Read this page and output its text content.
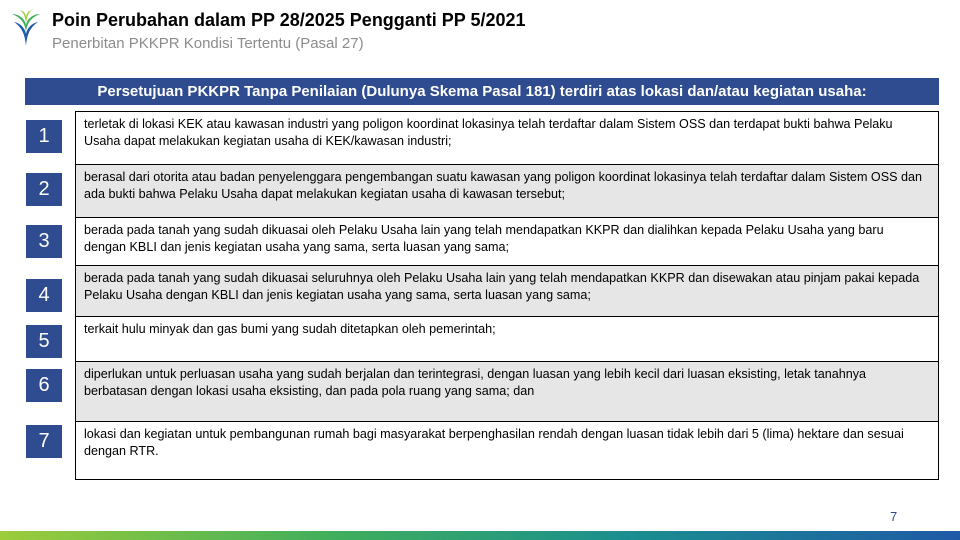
Poin Perubahan dalam PP 28/2025 Pengganti PP 5/2021
Penerbitan PKKPR Kondisi Tertentu (Pasal 27)
Persetujuan PKKPR Tanpa Penilaian (Dulunya Skema Pasal 181) terdiri atas lokasi dan/atau kegiatan usaha:
1
2
3
4
5
6
7
terletak di lokasi KEK atau kawasan industri yang poligon koordinat lokasinya telah terdaftar dalam Sistem OSS dan terdapat bukti bahwa Pelaku Usaha dapat melakukan kegiatan usaha di KEK/kawasan industri;
berasal dari otorita atau badan penyelenggara pengembangan suatu kawasan yang poligon koordinat lokasinya telah terdaftar dalam Sistem OSS dan ada bukti bahwa Pelaku Usaha dapat melakukan kegiatan usaha di kawasan tersebut;
berada pada tanah yang sudah dikuasai oleh Pelaku Usaha lain yang telah mendapatkan KKPR dan dialihkan kepada Pelaku Usaha yang baru dengan KBLI dan jenis kegiatan usaha yang sama, serta luasan yang sama;
berada pada tanah yang sudah dikuasai seluruhnya oleh Pelaku Usaha lain yang telah mendapatkan KKPR dan disewakan atau pinjam pakai kepada Pelaku Usaha dengan KBLI dan jenis kegiatan usaha yang sama, serta luasan yang sama;
terkait hulu minyak dan gas bumi yang sudah ditetapkan oleh pemerintah;
diperlukan untuk perluasan usaha yang sudah berjalan dan terintegrasi, dengan luasan yang lebih kecil dari luasan eksisting, letak tanahnya berbatasan dengan lokasi usaha eksisting, dan pada pola ruang yang sama; dan
lokasi dan kegiatan untuk pembangunan rumah bagi masyarakat berpenghasilan rendah dengan luasan tidak lebih dari 5 (lima) hektare dan sesuai dengan RTR.
7
